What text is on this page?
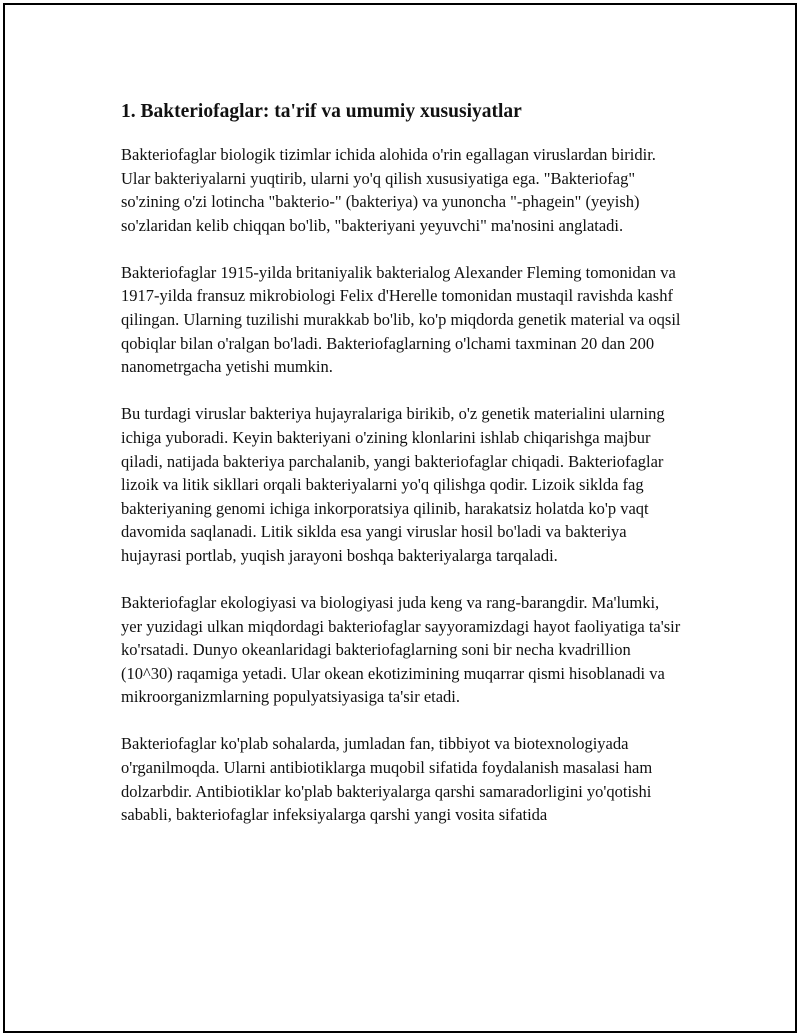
1. Bakteriofaglar: ta'rif va umumiy xususiyatlar

Bakteriofaglar biologik tizimlar ichida alohida o'rin egallagan viruslardan biridir. Ular bakteriyalarni yuqtirib, ularni yo'q qilish xususiyatiga ega. "Bakteriofag" so'zining o'zi lotincha "bakterio-" (bakteriya) va yunoncha "-phagein" (yeyish) so'zlaridan kelib chiqqan bo'lib, "bakteriyani yeyuvchi" ma'nosini anglatadi.

Bakteriofaglar 1915-yilda britaniyalik bakterialog Alexander Fleming tomonidan va 1917-yilda fransuz mikrobiologi Felix d'Herelle tomonidan mustaqil ravishda kashf qilingan. Ularning tuzilishi murakkab bo'lib, ko'p miqdorda genetik material va oqsil qobiqlar bilan o'ralgan bo'ladi. Bakteriofaglarning o'lchami taxminan 20 dan 200 nanometrgacha yetishi mumkin.

Bu turdagi viruslar bakteriya hujayralariga birikib, o'z genetik materialini ularning ichiga yuboradi. Keyin bakteriyani o'zining klonlarini ishlab chiqarishga majbur qiladi, natijada bakteriya parchalanib, yangi bakteriofaglar chiqadi. Bakteriofaglar lizoik va litik sikllari orqali bakteriyalarni yo'q qilishga qodir. Lizoik siklda fag bakteriyaning genomi ichiga inkorporatsiya qilinib, harakatsiz holatda ko'p vaqt davomida saqlanadi. Litik siklda esa yangi viruslar hosil bo'ladi va bakteriya hujayrasi portlab, yuqish jarayoni boshqa bakteriyalarga tarqaladi.

Bakteriofaglar ekologiyasi va biologiyasi juda keng va rang-barangdir. Ma'lumki, yer yuzidagi ulkan miqdordagi bakteriofaglar sayyoramizdagi hayot faoliyatiga ta'sir ko'rsatadi. Dunyo okeanlaridagi bakteriofaglarning soni bir necha kvadrillion (10^30) raqamiga yetadi. Ular okean ekotizimining muqarrar qismi hisoblanadi va mikroorganizmlarning populyatsiyasiga ta'sir etadi.

Bakteriofaglar ko'plab sohalarda, jumladan fan, tibbiyot va biotexnologiyada o'rganilmoqda. Ularni antibiotiklarga muqobil sifatida foydalanish masalasi ham dolzarbdir. Antibiotiklar ko'plab bakteriyalarga qarshi samaradorligini yo'qotishi sababli, bakteriofaglar infeksiyalarga qarshi yangi vosita sifatida
